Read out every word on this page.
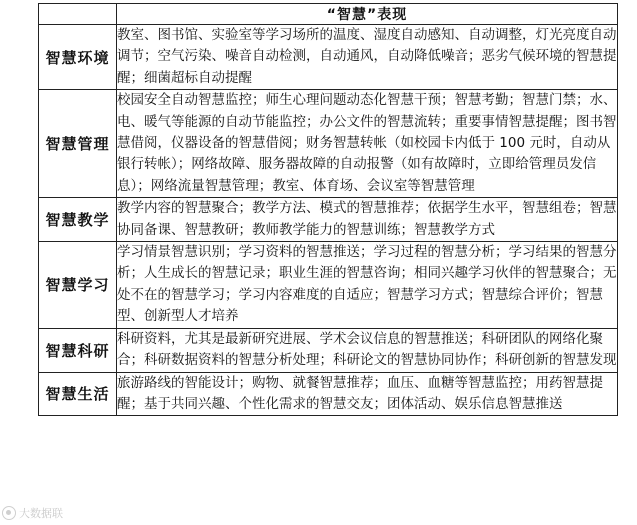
	“智慧”表现
智慧环境	教室、图书馆、实验室等学习场所的温度、湿度自动感知、自动调整，灯光亮度自动调节；空气污染、噪音自动检测，自动通风，自动降低噪音；恶劣气候环境的智慧提醒；细菌超标自动提醒
智慧管理	校园安全自动智慧监控；师生心理问题动态化智慧干预；智慧考勤；智慧门禁；水、电、暖气等能源的自动节能监控；办公文件的智慧流转；重要事情智慧提醒；图书智慧借阅，仪器设备的智慧借阅；财务智慧转帐（如校园卡内低于 100 元时，自动从银行转帐）；网络故障、服务器故障的自动报警（如有故障时，立即给管理员发信息）；网络流量智慧管理；教室、体育场、会议室等智慧管理
智慧教学	教学内容的智慧聚合；教学方法、模式的智慧推荐；依据学生水平，智慧组卷；智慧协同备课、智慧教研；教师教学能力的智慧训练；智慧教学方式
智慧学习	学习情景智慧识别；学习资料的智慧推送；学习过程的智慧分析；学习结果的智慧分析；人生成长的智慧记录；职业生涯的智慧咨询；相同兴趣学习伙伴的智慧聚合；无处不在的智慧学习；学习内容难度的自适应；智慧学习方式；智慧综合评价；智慧型、创新型人才培养
智慧科研	科研资料，尤其是最新研究进展、学术会议信息的智慧推送；科研团队的网络化聚合；科研数据资料的智慧分析处理；科研论文的智慧协同协作；科研创新的智慧发现
智慧生活	旅游路线的智能设计；购物、就餐智慧推荐；血压、血糖等智慧监控；用药智慧提醒；基于共同兴趣、个性化需求的智慧交友；团体活动、娱乐信息智慧推送
大数据联
